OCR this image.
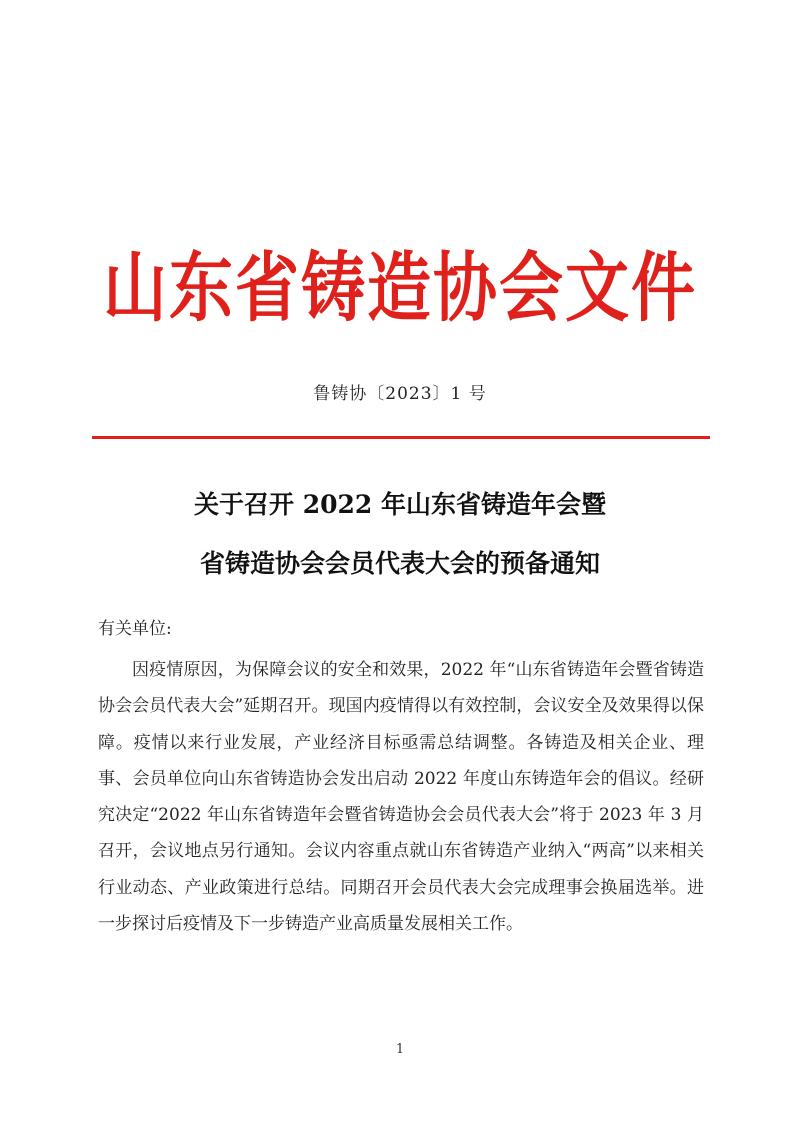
山东省铸造协会文件
鲁铸协〔2023〕1 号
关于召开 2022 年山东省铸造年会暨
省铸造协会会员代表大会的预备通知
有关单位:
因疫情原因，为保障会议的安全和效果，2022 年“山东省铸造年会暨省铸造协会会员代表大会”延期召开。现国内疫情得以有效控制，会议安全及效果得以保障。疫情以来行业发展，产业经济目标亟需总结调整。各铸造及相关企业、理事、会员单位向山东省铸造协会发出启动 2022 年度山东铸造年会的倡议。经研究决定“2022 年山东省铸造年会暨省铸造协会会员代表大会”将于 2023 年 3 月召开，会议地点另行通知。会议内容重点就山东省铸造产业纳入“两高”以来相关行业动态、产业政策进行总结。同期召开会员代表大会完成理事会换届选举。进一步探讨后疫情及下一步铸造产业高质量发展相关工作。
1
